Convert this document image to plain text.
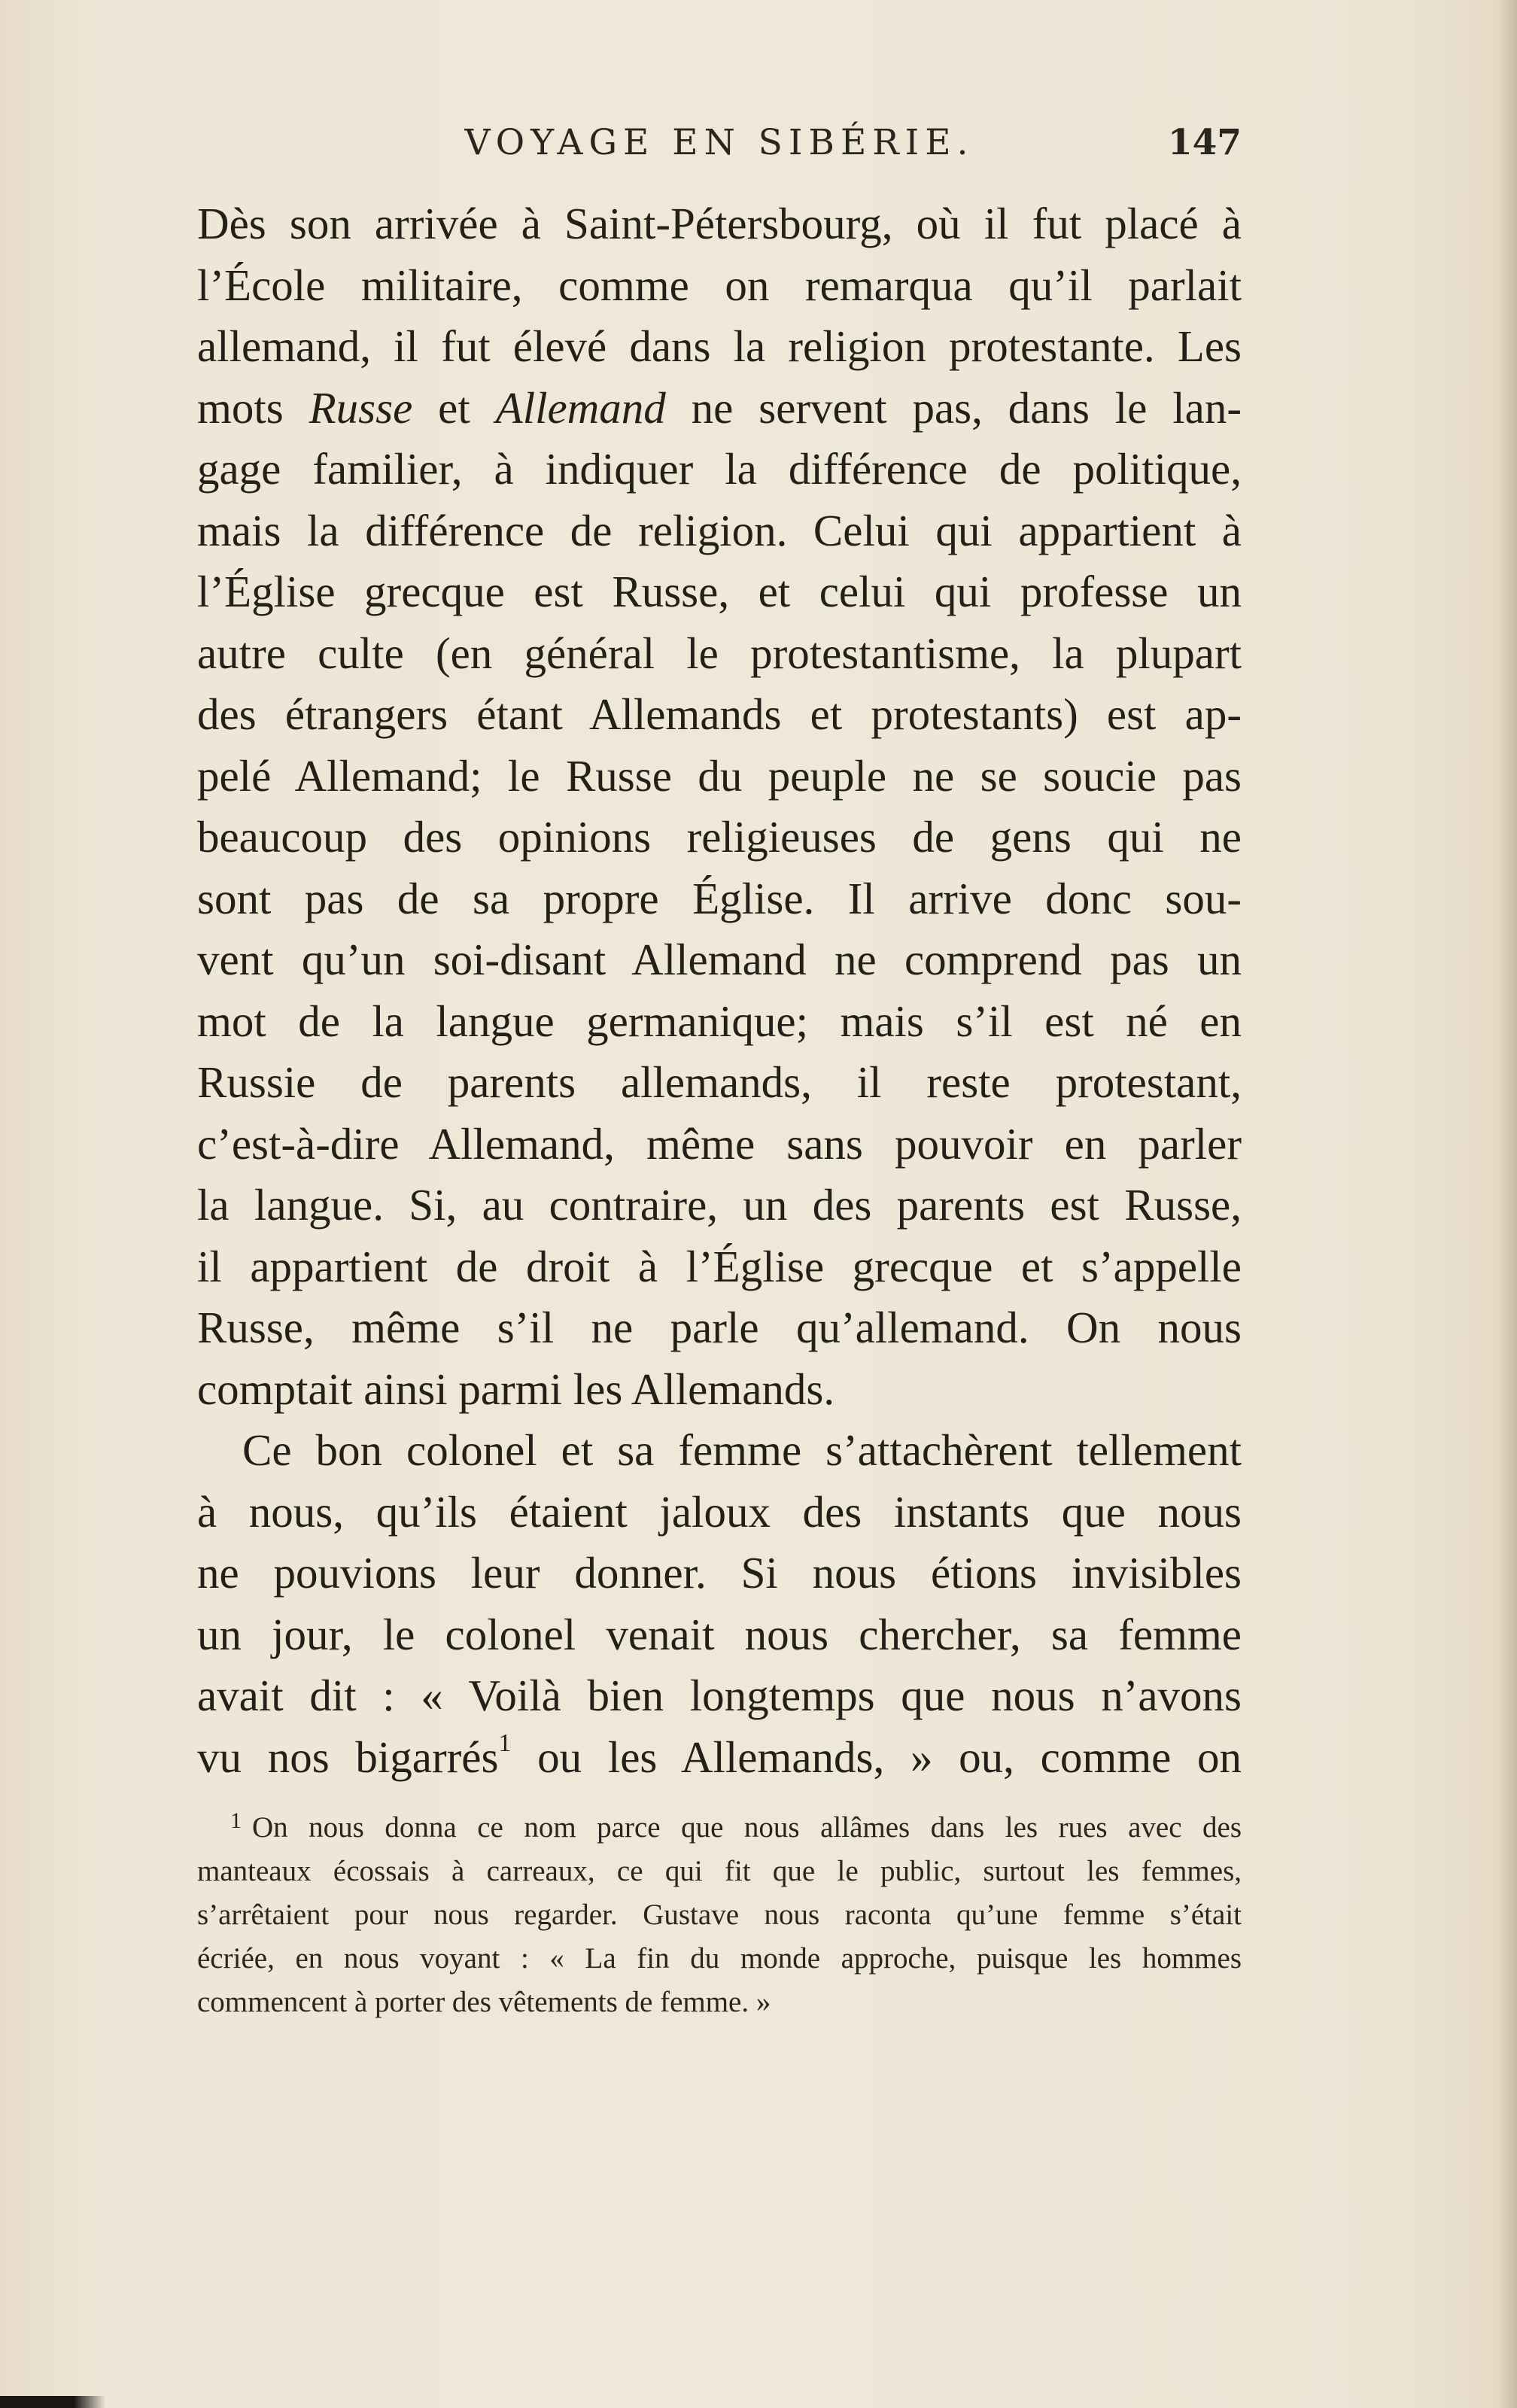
VOYAGE EN SIBÉRIE.	147
Dès son arrivée à Saint-Pétersbourg, où il fut placé à
l’École militaire, comme on remarqua qu’il parlait
allemand, il fut élevé dans la religion protestante. Les
mots Russe et Allemand ne servent pas, dans le lan-
gage familier, à indiquer la différence de politique,
mais la différence de religion. Celui qui appartient à
l’Église grecque est Russe, et celui qui professe un
autre culte (en général le protestantisme, la plupart
des étrangers étant Allemands et protestants) est ap-
pelé Allemand; le Russe du peuple ne se soucie pas
beaucoup des opinions religieuses de gens qui ne
sont pas de sa propre Église. Il arrive donc sou-
vent qu’un soi-disant Allemand ne comprend pas un
mot de la langue germanique; mais s’il est né en
Russie de parents allemands, il reste protestant,
c’est-à-dire Allemand, même sans pouvoir en parler
la langue. Si, au contraire, un des parents est Russe,
il appartient de droit à l’Église grecque et s’appelle
Russe, même s’il ne parle qu’allemand. On nous
comptait ainsi parmi les Allemands.
Ce bon colonel et sa femme s’attachèrent tellement
à nous, qu’ils étaient jaloux des instants que nous
ne pouvions leur donner. Si nous étions invisibles
un jour, le colonel venait nous chercher, sa femme
avait dit : « Voilà bien longtemps que nous n’avons
vu nos bigarrés$^1$ ou les Allemands, » ou, comme on
$^1$ On nous donna ce nom parce que nous allâmes dans les rues avec des
manteaux écossais à carreaux, ce qui fit que le public, surtout les femmes,
s’arrêtaient pour nous regarder. Gustave nous raconta qu’une femme s’était
écriée, en nous voyant : « La fin du monde approche, puisque les hommes
commencent à porter des vêtements de femme. »
